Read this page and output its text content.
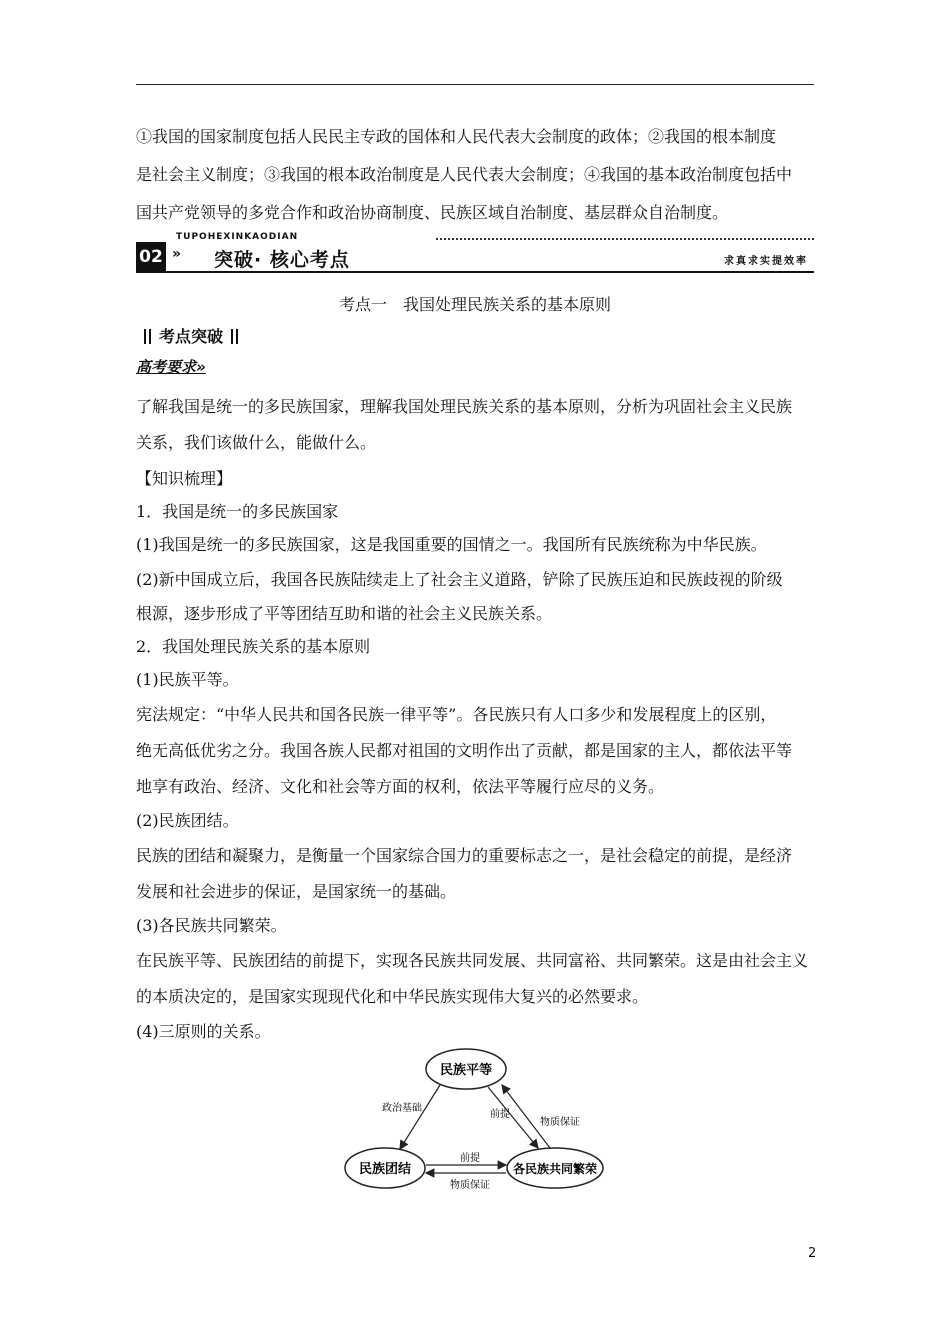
①我国的国家制度包括人民民主专政的国体和人民代表大会制度的政体；②我国的根本制度
是社会主义制度；③我国的根本政治制度是人民代表大会制度；④我国的基本政治制度包括中
国共产党领导的多党合作和政治协商制度、民族区域自治制度、基层群众自治制度。
TUPOHEXINKAODIAN
02 » 突破· 核心考点	求真求实提效率
考点一　我国处理民族关系的基本原则
考点突破
高考要求»
了解我国是统一的多民族国家，理解我国处理民族关系的基本原则，分析为巩固社会主义民族
关系，我们该做什么，能做什么。
【知识梳理】
1．我国是统一的多民族国家
(1)我国是统一的多民族国家，这是我国重要的国情之一。我国所有民族统称为中华民族。
(2)新中国成立后，我国各民族陆续走上了社会主义道路，铲除了民族压迫和民族歧视的阶级
根源，逐步形成了平等团结互助和谐的社会主义民族关系。
2．我国处理民族关系的基本原则
(1)民族平等。
宪法规定：“中华人民共和国各民族一律平等”。各民族只有人口多少和发展程度上的区别，
绝无高低优劣之分。我国各族人民都对祖国的文明作出了贡献，都是国家的主人，都依法平等
地享有政治、经济、文化和社会等方面的权利，依法平等履行应尽的义务。
(2)民族团结。
民族的团结和凝聚力，是衡量一个国家综合国力的重要标志之一，是社会稳定的前提，是经济
发展和社会进步的保证，是国家统一的基础。
(3)各民族共同繁荣。
在民族平等、民族团结的前提下，实现各民族共同发展、共同富裕、共同繁荣。这是由社会主义
的本质决定的，是国家实现现代化和中华民族实现伟大复兴的必然要求。
(4)三原则的关系。
民族平等
民族团结	各民族共同繁荣
政治基础
前提
物质保证
前提
物质保证
2
